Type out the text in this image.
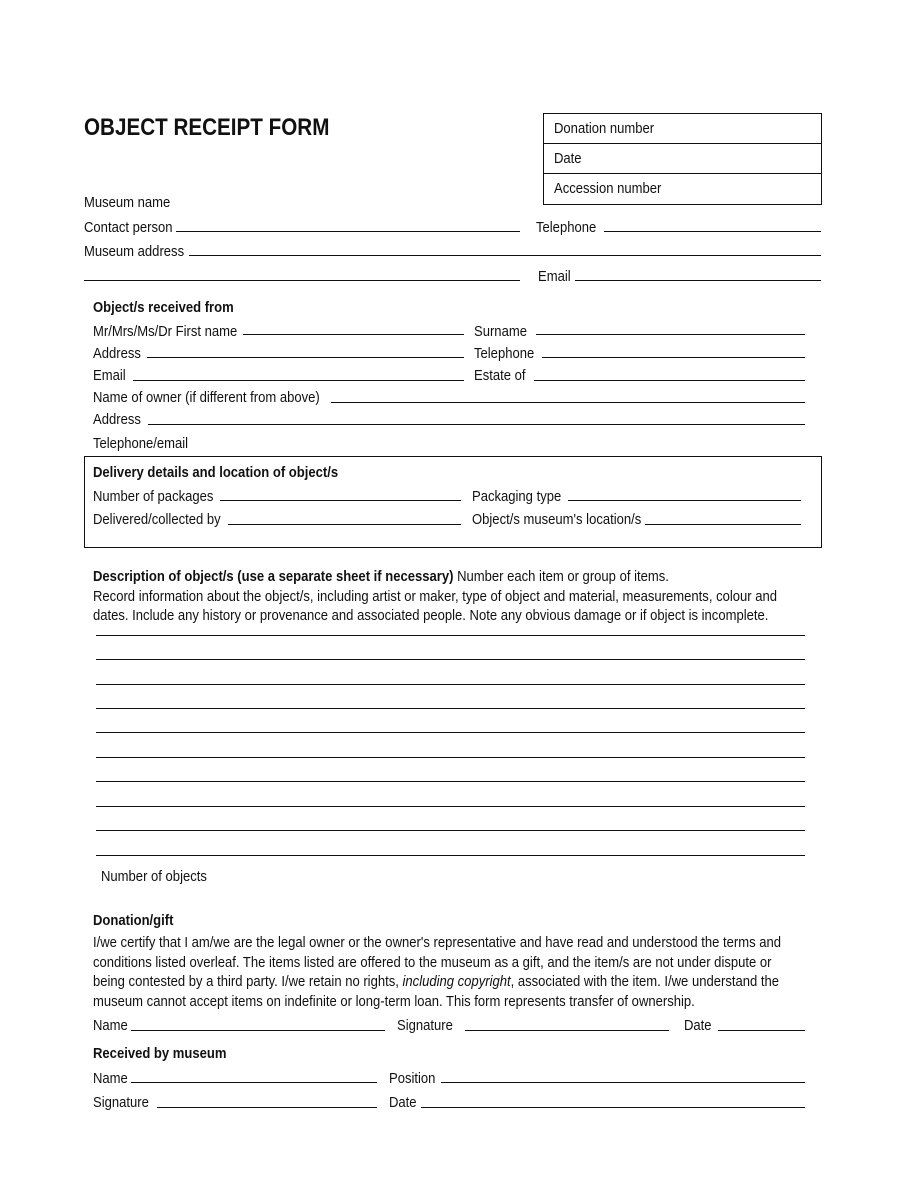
OBJECT RECEIPT FORM	Donation number
Date
Accession number
Museum name
Contact person	Telephone
Museum address
Email
Object/s received from
Mr/Mrs/Ms/Dr First name	Surname
Address	Telephone
Email	Estate of
Name of owner (if different from above)
Address
Telephone/email
Delivery details and location of object/s
Number of packages	Packaging type
Delivered/collected by	Object/s museum's location/s
Description of object/s (use a separate sheet if necessary) Number each item or group of items.
Record information about the object/s, including artist or maker, type of object and material, measurements, colour and
dates. Include any history or provenance and associated people. Note any obvious damage or if object is incomplete.
Number of objects
Donation/gift
I/we certify that I am/we are the legal owner or the owner's representative and have read and understood the terms and
conditions listed overleaf. The items listed are offered to the museum as a gift, and the item/s are not under dispute or
being contested by a third party. I/we retain no rights, including copyright, associated with the item. I/we understand the
museum cannot accept items on indefinite or long-term loan. This form represents transfer of ownership.
Name	Signature	Date
Received by museum
Name	Position
Signature	Date
